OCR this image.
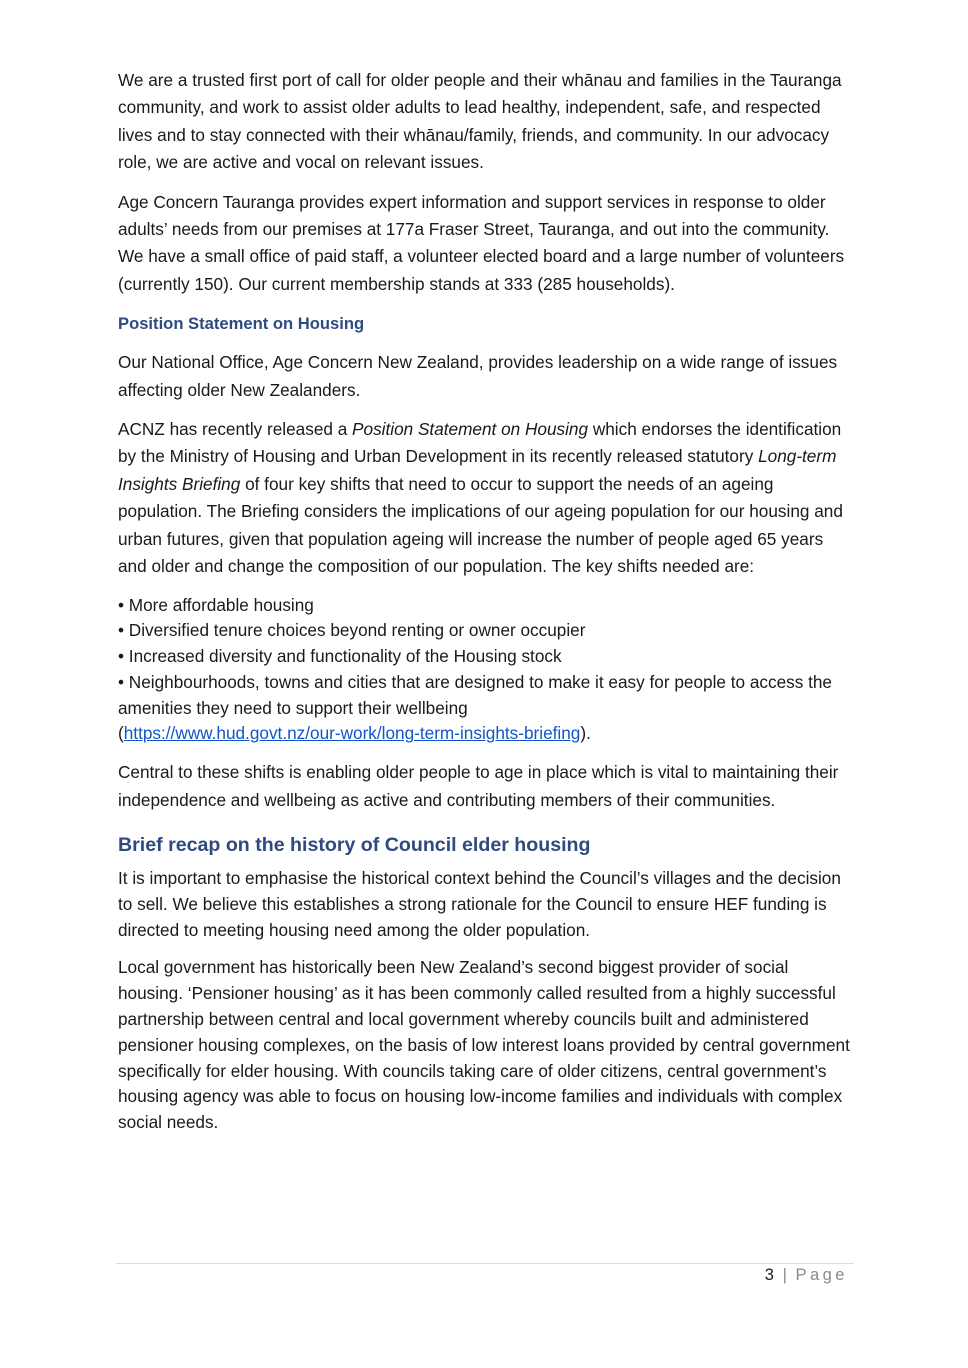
We are a trusted first port of call for older people and their whānau and families in the Tauranga community, and work to assist older adults to lead healthy, independent, safe, and respected lives and to stay connected with their whānau/family, friends, and community. In our advocacy role, we are active and vocal on relevant issues.

Age Concern Tauranga provides expert information and support services in response to older adults’ needs from our premises at 177a Fraser Street, Tauranga, and out into the community. We have a small office of paid staff, a volunteer elected board and a large number of volunteers (currently 150). Our current membership stands at 333 (285 households).

Position Statement on Housing

Our National Office, Age Concern New Zealand, provides leadership on a wide range of issues affecting older New Zealanders.

ACNZ has recently released a Position Statement on Housing which endorses the identification by the Ministry of Housing and Urban Development in its recently released statutory Long-term Insights Briefing of four key shifts that need to occur to support the needs of an ageing population. The Briefing considers the implications of our ageing population for our housing and urban futures, given that population ageing will increase the number of people aged 65 years and older and change the composition of our population. The key shifts needed are:

• More affordable housing
• Diversified tenure choices beyond renting or owner occupier
• Increased diversity and functionality of the Housing stock
• Neighbourhoods, towns and cities that are designed to make it easy for people to access the amenities they need to support their wellbeing
(https://www.hud.govt.nz/our-work/long-term-insights-briefing).

Central to these shifts is enabling older people to age in place which is vital to maintaining their independence and wellbeing as active and contributing members of their communities.

Brief recap on the history of Council elder housing

It is important to emphasise the historical context behind the Council’s villages and the decision to sell. We believe this establishes a strong rationale for the Council to ensure HEF funding is directed to meeting housing need among the older population.

Local government has historically been New Zealand’s second biggest provider of social housing. ‘Pensioner housing’ as it has been commonly called resulted from a highly successful partnership between central and local government whereby councils built and administered pensioner housing complexes, on the basis of low interest loans provided by central government specifically for elder housing. With councils taking care of older citizens, central government’s housing agency was able to focus on housing low-income families and individuals with complex social needs.

3 | Page
